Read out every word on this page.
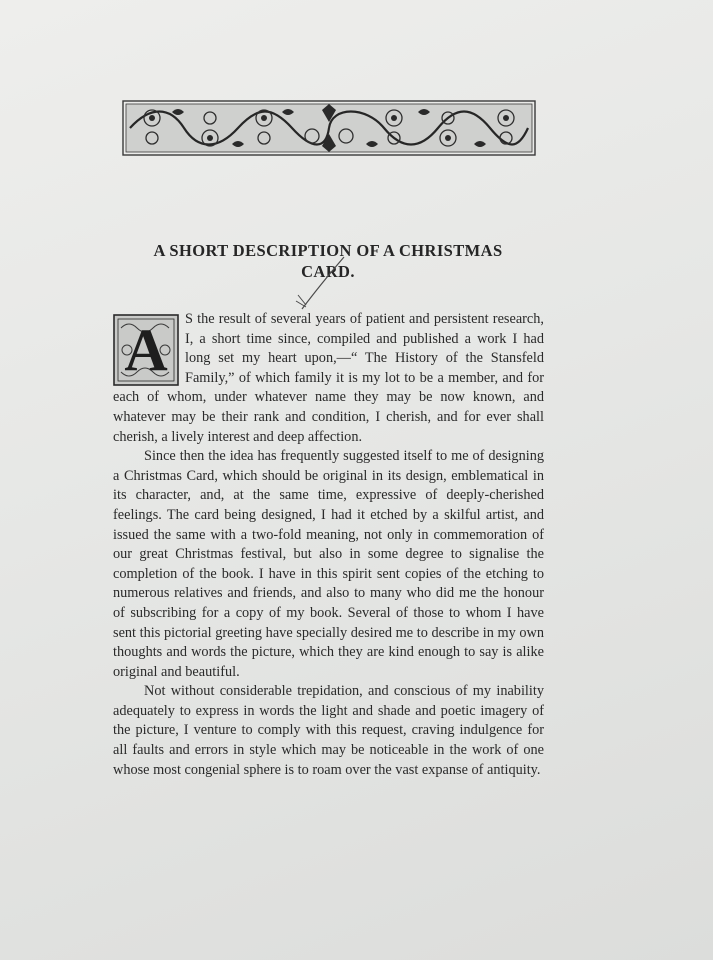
A SHORT DESCRIPTION OF A CHRISTMAS
CARD.

A	S the result of several years of patient and persistent research, I, a short time since, compiled and published a work I had long set my heart upon,—“ The History of the Stansfeld Family,” of which family it is my lot to be a member, and for each of whom, under whatever name they may be now known, and whatever may be their rank and condition, I cherish, and for ever shall cherish, a lively interest and deep affection.

Since then the idea has frequently suggested itself to me of designing a Christmas Card, which should be original in its design, emblematical in its character, and, at the same time, expressive of deeply-cherished feelings. The card being designed, I had it etched by a skilful artist, and issued the same with a two-fold meaning, not only in commemoration of our great Christmas festival, but also in some degree to signalise the completion of the book. I have in this spirit sent copies of the etching to numerous relatives and friends, and also to many who did me the honour of subscribing for a copy of my book. Several of those to whom I have sent this pictorial greeting have specially desired me to describe in my own thoughts and words the picture, which they are kind enough to say is alike original and beautiful.

Not without considerable trepidation, and conscious of my inability adequately to express in words the light and shade and poetic imagery of the picture, I venture to comply with this request, craving indulgence for all faults and errors in style which may be noticeable in the work of one whose most congenial sphere is to roam over the vast expanse of antiquity.
